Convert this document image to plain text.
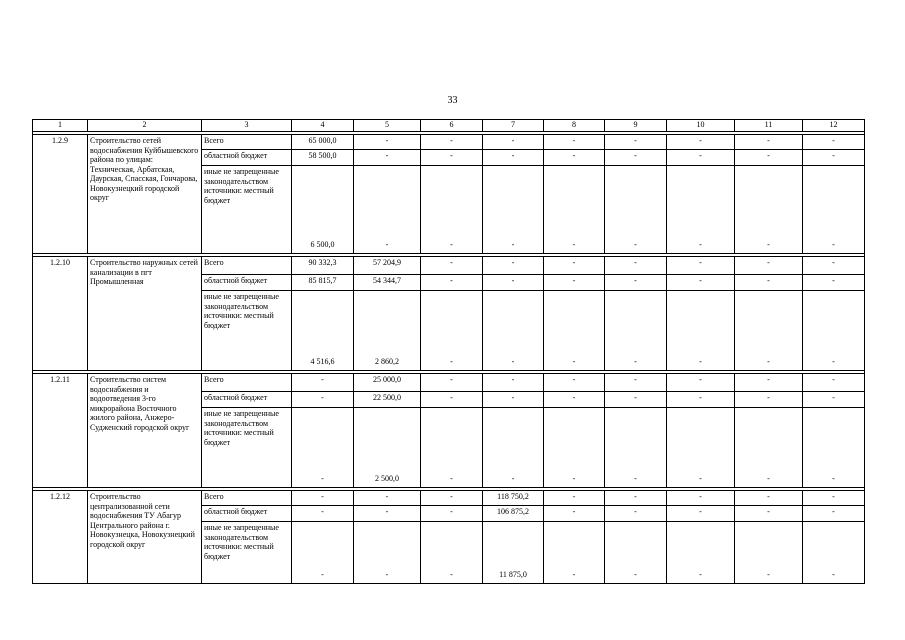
33
1	2	3	4	5	6	7	8	9	10	11	12

1.2.9	Строительство сетей водоснабжения Куйбышевского района по улицам: Техническая, Арбатская, Даурская, Спасская, Гончарова, Новокузнецкий городской округ	Всего	65 000,0	-	-	-	-	-	-	-	-
		областной бюджет	58 500,0	-	-	-	-	-	-	-	-
		иные не запрещенные законодательством источники: местный бюджет	6 500,0	-	-	-	-	-	-	-	-

1.2.10	Строительство наружных сетей канализации в пгт Промышленная	Всего	90 332,3	57 204,9	-	-	-	-	-	-	-
		областной бюджет	85 815,7	54 344,7	-	-	-	-	-	-	-
		иные не запрещенные законодательством источники: местный бюджет	4 516,6	2 860,2	-	-	-	-	-	-	-

1.2.11	Строительство систем водоснабжения и водоотведения 3-го микрорайона Восточного жилого района, Анжеро-Судженский городской округ	Всего	-	25 000,0	-	-	-	-	-	-	-
		областной бюджет	-	22 500,0	-	-	-	-	-	-	-
		иные не запрещенные законодательством источники: местный бюджет	-	2 500,0	-	-	-	-	-	-	-

1.2.12	Строительство централизованной сети водоснабжения ТУ Абагур Центрального района г. Новокузнецка, Новокузнецкий городской округ	Всего	-	-	-	118 750,2	-	-	-	-	-
		областной бюджет	-	-	-	106 875,2	-	-	-	-	-
		иные не запрещенные законодательством источники: местный бюджет	-	-	-	11 875,0	-	-	-	-	-
